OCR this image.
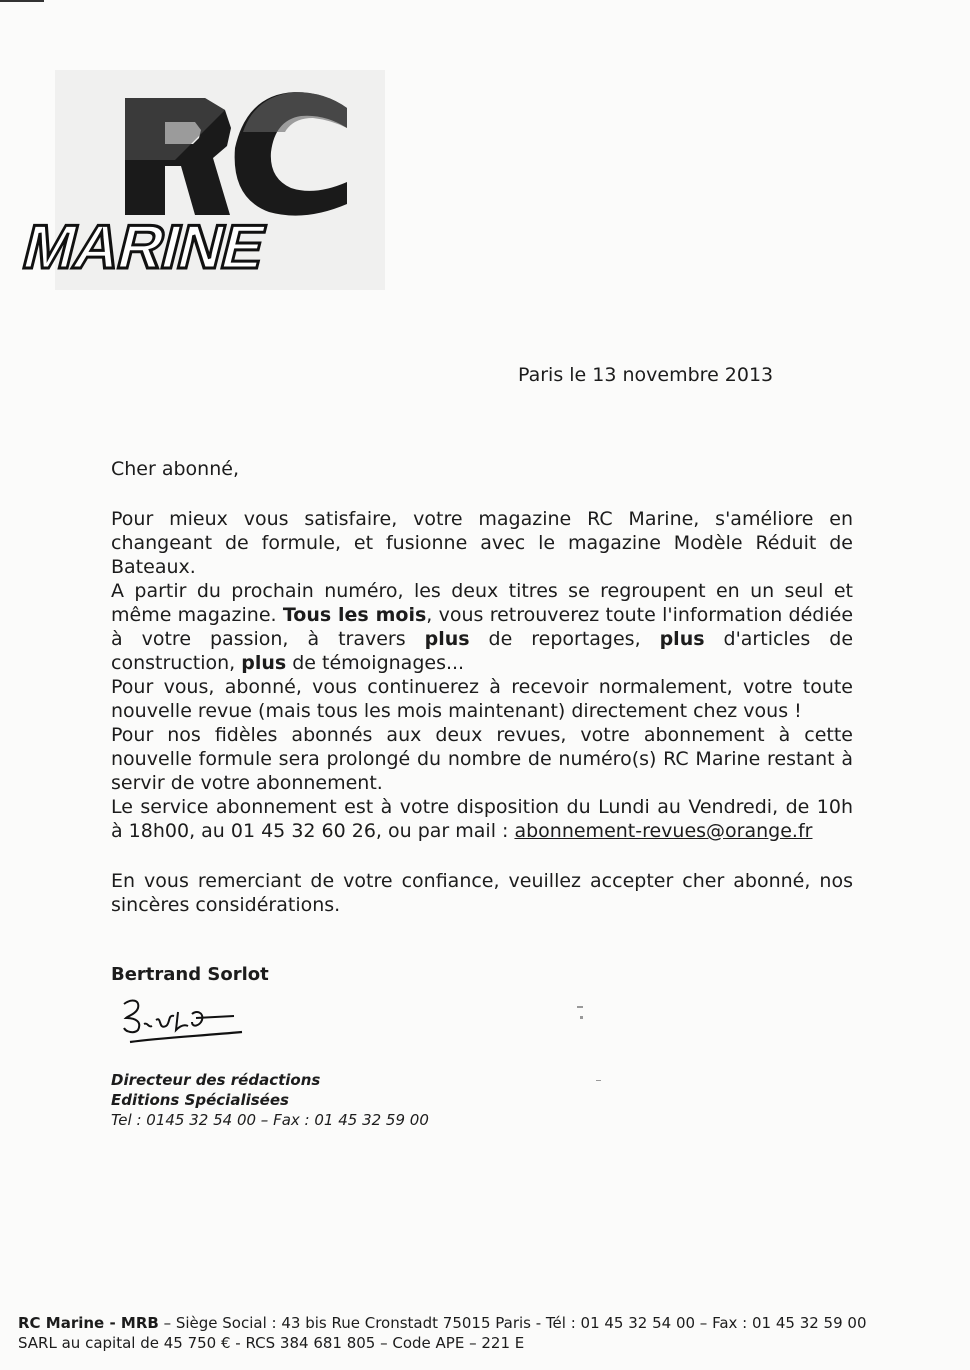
MARINE
Paris le 13 novembre 2013
Cher abonné,

Pour mieux vous satisfaire, votre magazine RC Marine, s'améliore en changeant de formule, et fusionne avec le magazine Modèle Réduit de Bateaux.

A partir du prochain numéro, les deux titres se regroupent en un seul et même magazine. Tous les mois, vous retrouverez toute l'information dédiée à votre passion, à travers plus de reportages, plus d'articles de construction, plus de témoignages...

Pour vous, abonné, vous continuerez à recevoir normalement, votre toute nouvelle revue (mais tous les mois maintenant) directement chez vous !

Pour nos fidèles abonnés aux deux revues, votre abonnement à cette nouvelle formule sera prolongé du nombre de numéro(s) RC Marine restant à servir de votre abonnement.

Le service abonnement est à votre disposition du Lundi au Vendredi, de 10h à 18h00, au 01 45 32 60 26, ou par mail : abonnement-revues@orange.fr

En vous remerciant de votre confiance, veuillez accepter cher abonné, nos sincères considérations.

Bertrand Sorlot
Directeur des rédactions
Editions Spécialisées
Tel : 0145 32 54 00 – Fax : 01 45 32 59 00
RC Marine - MRB – Siège Social : 43 bis Rue Cronstadt 75015 Paris - Tél : 01 45 32 54 00 – Fax : 01 45 32 59 00
SARL au capital de 45 750 € - RCS 384 681 805 – Code APE – 221 E
